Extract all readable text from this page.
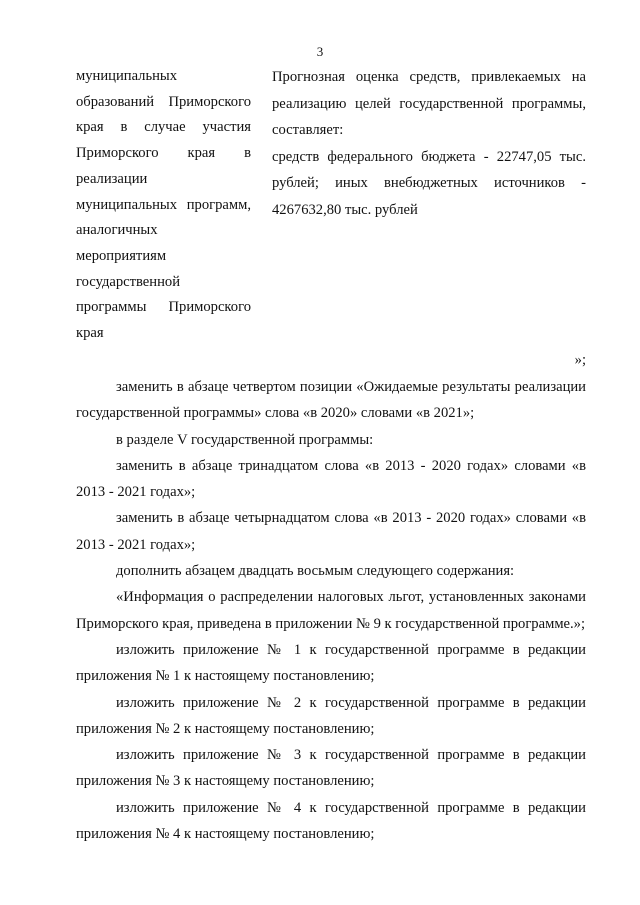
3
муниципальных
образований Приморского
края в случае участия
Приморского края в
реализации
муниципальных программ,
аналогичных
мероприятиям
государственной
программы Приморского
края

Прогнозная оценка средств, привлекаемых на реализацию целей государственной программы, составляет:

средств федерального бюджета - 22747,05 тыс. рублей; иных внебюджетных источников - 4267632,80 тыс. рублей

»;

заменить в абзаце четвертом позиции «Ожидаемые результаты реализации государственной программы» слова «в 2020» словами «в 2021»;

в разделе V государственной программы:

заменить в абзаце тринадцатом слова «в 2013 - 2020 годах» словами «в 2013 - 2021 годах»;

заменить в абзаце четырнадцатом слова «в 2013 - 2020 годах» словами «в 2013 - 2021 годах»;

дополнить абзацем двадцать восьмым следующего содержания:

«Информация о распределении налоговых льгот, установленных законами Приморского края, приведена в приложении № 9 к государственной программе.»;

изложить приложение № 1 к государственной программе в редакции приложения № 1 к настоящему постановлению;

изложить приложение № 2 к государственной программе в редакции приложения № 2 к настоящему постановлению;

изложить приложение № 3 к государственной программе в редакции приложения № 3 к настоящему постановлению;

изложить приложение № 4 к государственной программе в редакции приложения № 4 к настоящему постановлению;
